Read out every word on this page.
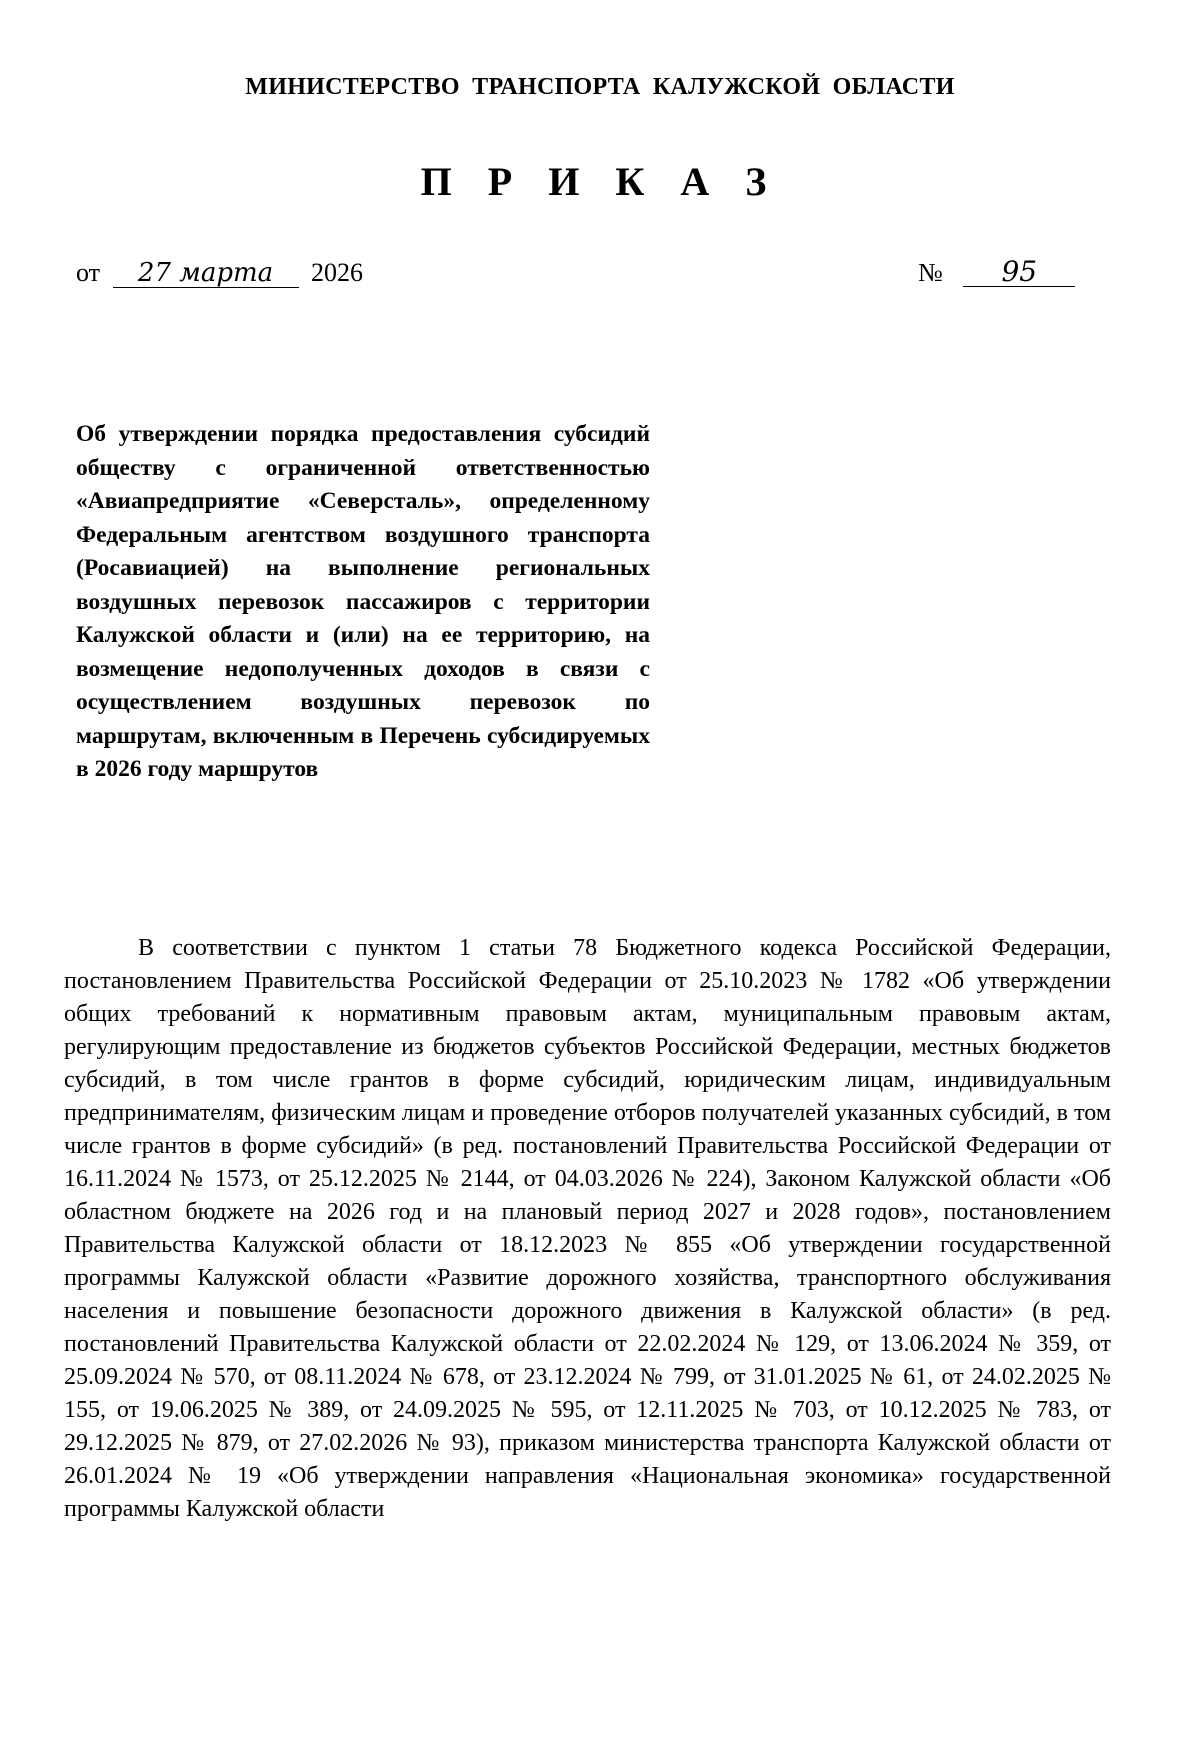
МИНИСТЕРСТВО ТРАНСПОРТА КАЛУЖСКОЙ ОБЛАСТИ
П Р И К А З
от 27 марта 2026	№ 95
Об утверждении порядка предоставления субсидий обществу с ограниченной ответственностью «Авиапредприятие «Северсталь», определенному Федеральным агентством воздушного транспорта (Росавиацией) на выполнение региональных воздушных перевозок пассажиров с территории Калужской области и (или) на ее территорию, на возмещение недополученных доходов в связи с осуществлением воздушных перевозок по маршрутам, включенным в Перечень субсидируемых в 2026 году маршрутов
В соответствии с пунктом 1 статьи 78 Бюджетного кодекса Российской Федерации, постановлением Правительства Российской Федерации от 25.10.2023 № 1782 «Об утверждении общих требований к нормативным правовым актам, муниципальным правовым актам, регулирующим предоставление из бюджетов субъектов Российской Федерации, местных бюджетов субсидий, в том числе грантов в форме субсидий, юридическим лицам, индивидуальным предпринимателям, физическим лицам и проведение отборов получателей указанных субсидий, в том числе грантов в форме субсидий» (в ред. постановлений Правительства Российской Федерации от 16.11.2024 № 1573, от 25.12.2025 № 2144, от 04.03.2026 № 224), Законом Калужской области «Об областном бюджете на 2026 год и на плановый период 2027 и 2028 годов», постановлением Правительства Калужской области от 18.12.2023 № 855 «Об утверждении государственной программы Калужской области «Развитие дорожного хозяйства, транспортного обслуживания населения и повышение безопасности дорожного движения в Калужской области» (в ред. постановлений Правительства Калужской области от 22.02.2024 № 129, от 13.06.2024 № 359, от 25.09.2024 № 570, от 08.11.2024 № 678, от 23.12.2024 № 799, от 31.01.2025 № 61, от 24.02.2025 № 155, от 19.06.2025 № 389, от 24.09.2025 № 595, от 12.11.2025 № 703, от 10.12.2025 № 783, от 29.12.2025 № 879, от 27.02.2026 № 93), приказом министерства транспорта Калужской области от 26.01.2024 № 19 «Об утверждении направления «Национальная экономика» государственной программы Калужской области
